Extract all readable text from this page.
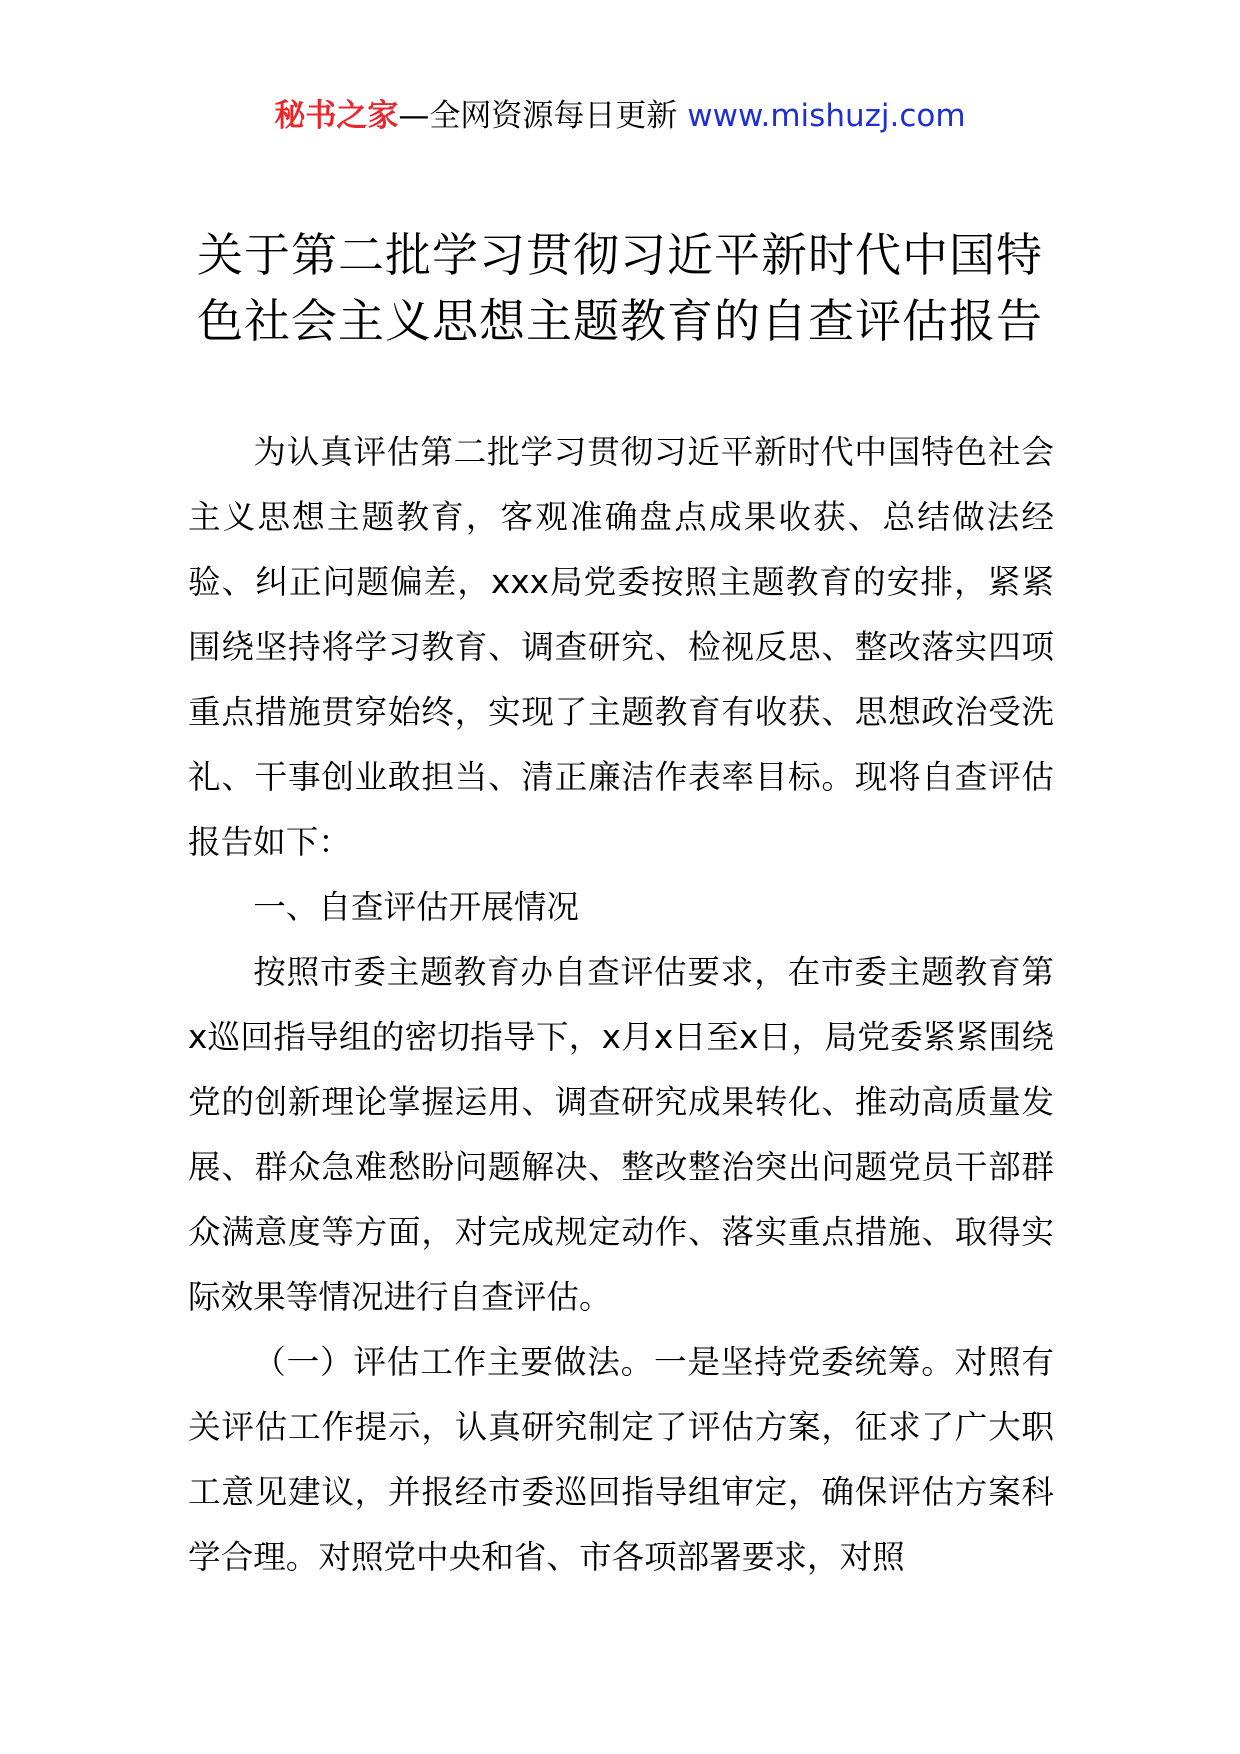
秘书之家—全网资源每日更新 www.mishuzj.com
关于第二批学习贯彻习近平新时代中国特
色社会主义思想主题教育的自查评估报告

为认真评估第二批学习贯彻习近平新时代中国特色社会主义思想主题教育，客观准确盘点成果收获、总结做法经验、纠正问题偏差，xxx局党委按照主题教育的安排，紧紧围绕坚持将学习教育、调查研究、检视反思、整改落实四项重点措施贯穿始终，实现了主题教育有收获、思想政治受洗礼、干事创业敢担当、清正廉洁作表率目标。现将自查评估报告如下：

一、自查评估开展情况

按照市委主题教育办自查评估要求，在市委主题教育第x巡回指导组的密切指导下，x月x日至x日，局党委紧紧围绕党的创新理论掌握运用、调查研究成果转化、推动高质量发展、群众急难愁盼问题解决、整改整治突出问题党员干部群众满意度等方面，对完成规定动作、落实重点措施、取得实际效果等情况进行自查评估。

（一）评估工作主要做法。一是坚持党委统筹。对照有关评估工作提示，认真研究制定了评估方案，征求了广大职工意见建议，并报经市委巡回指导组审定，确保评估方案科学合理。对照党中央和省、市各项部署要求，对照
